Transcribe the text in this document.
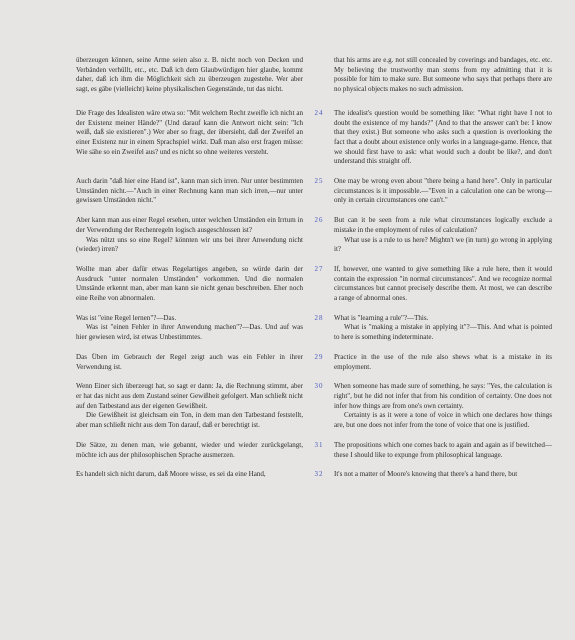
überzeugen können, seine Arme seien also z. B. nicht noch von Decken und Verbänden verhüllt, etc., etc. Daß ich dem Glaubwürdigen hier glaube, kommt daher, daß ich ihm die Möglichkeit sich zu überzeugen zugestehe. Wer aber sagt, es gäbe (vielleicht) keine physikalischen Gegenstände, tut das nicht.

that his arms are e.g. not still concealed by coverings and bandages, etc. etc. My believing the trustworthy man stems from my admitting that it is possible for him to make sure. But someone who says that perhaps there are no physical objects makes no such admission.

Die Frage des Idealisten wäre etwa so: "Mit welchem Recht zweifle ich nicht an der Existenz meiner Hände?" (Und darauf kann die Antwort nicht sein: "Ich weiß, daß sie existieren".) Wer aber so fragt, der übersieht, daß der Zweifel an einer Existenz nur in einem Sprachspiel wirkt. Daß man also erst fragen müsse: Wie sähe so ein Zweifel aus? und es nicht so ohne weiteres versteht.

24	The idealist's question would be something like: "What right have I not to doubt the existence of my hands?" (And to that the answer can't be: I know that they exist.) But someone who asks such a question is overlooking the fact that a doubt about existence only works in a language-game. Hence, that we should first have to ask: what would such a doubt be like?, and don't understand this straight off.

Auch darin "daß hier eine Hand ist", kann man sich irren. Nur unter bestimmten Umständen nicht.—"Auch in einer Rechnung kann man sich irren,—nur unter gewissen Umständen nicht."

25	One may be wrong even about "there being a hand here". Only in particular circumstances is it impossible.—"Even in a calculation one can be wrong—only in certain circumstances one can't."

Aber kann man aus einer Regel ersehen, unter welchen Umständen ein Irrtum in der Verwendung der Rechenregeln logisch ausgeschlossen ist?

Was nützt uns so eine Regel? könnten wir uns bei ihrer Anwendung nicht (wieder) irren?

26	But can it be seen from a rule what circumstances logically exclude a mistake in the employment of rules of calculation?

What use is a rule to us here? Mightn't we (in turn) go wrong in applying it?

Wollte man aber dafür etwas Regelartiges angeben, so würde darin der Ausdruck "unter normalen Umständen" vorkommen. Und die normalen Umstände erkennt man, aber man kann sie nicht genau beschreiben. Eher noch eine Reihe von abnormalen.

27	If, however, one wanted to give something like a rule here, then it would contain the expression "in normal circumstances". And we recognize normal circumstances but cannot precisely describe them. At most, we can describe a range of abnormal ones.

Was ist "eine Regel lernen"?—Das.

Was ist "einen Fehler in ihrer Anwendung machen"?—Das. Und auf was hier gewiesen wird, ist etwas Unbestimmtes.

28	What is "learning a rule"?—This.

What is "making a mistake in applying it"?—This. And what is pointed to here is something indeterminate.

Das Üben im Gebrauch der Regel zeigt auch was ein Fehler in ihrer Verwendung ist.

29	Practice in the use of the rule also shews what is a mistake in its employment.

Wenn Einer sich überzeugt hat, so sagt er dann: Ja, die Rechnung stimmt, aber er hat das nicht aus dem Zustand seiner Gewißheit gefolgert. Man schließt nicht auf den Tatbestand aus der eigenen Gewißheit.

Die Gewißheit ist gleichsam ein Ton, in dem man den Tatbestand feststellt, aber man schließt nicht aus dem Ton darauf, daß er berechtigt ist.

30	When someone has made sure of something, he says: "Yes, the calculation is right", but he did not infer that from his condition of certainty. One does not infer how things are from one's own certainty.

Certainty is as it were a tone of voice in which one declares how things are, but one does not infer from the tone of voice that one is justified.

Die Sätze, zu denen man, wie gebannt, wieder und wieder zurückgelangt, möchte ich aus der philosophischen Sprache ausmerzen.

31	The propositions which one comes back to again and again as if bewitched—these I should like to expunge from philosophical language.

Es handelt sich nicht darum, daß Moore wisse, es sei da eine Hand,	32	It's not a matter of Moore's knowing that there's a hand there, but
